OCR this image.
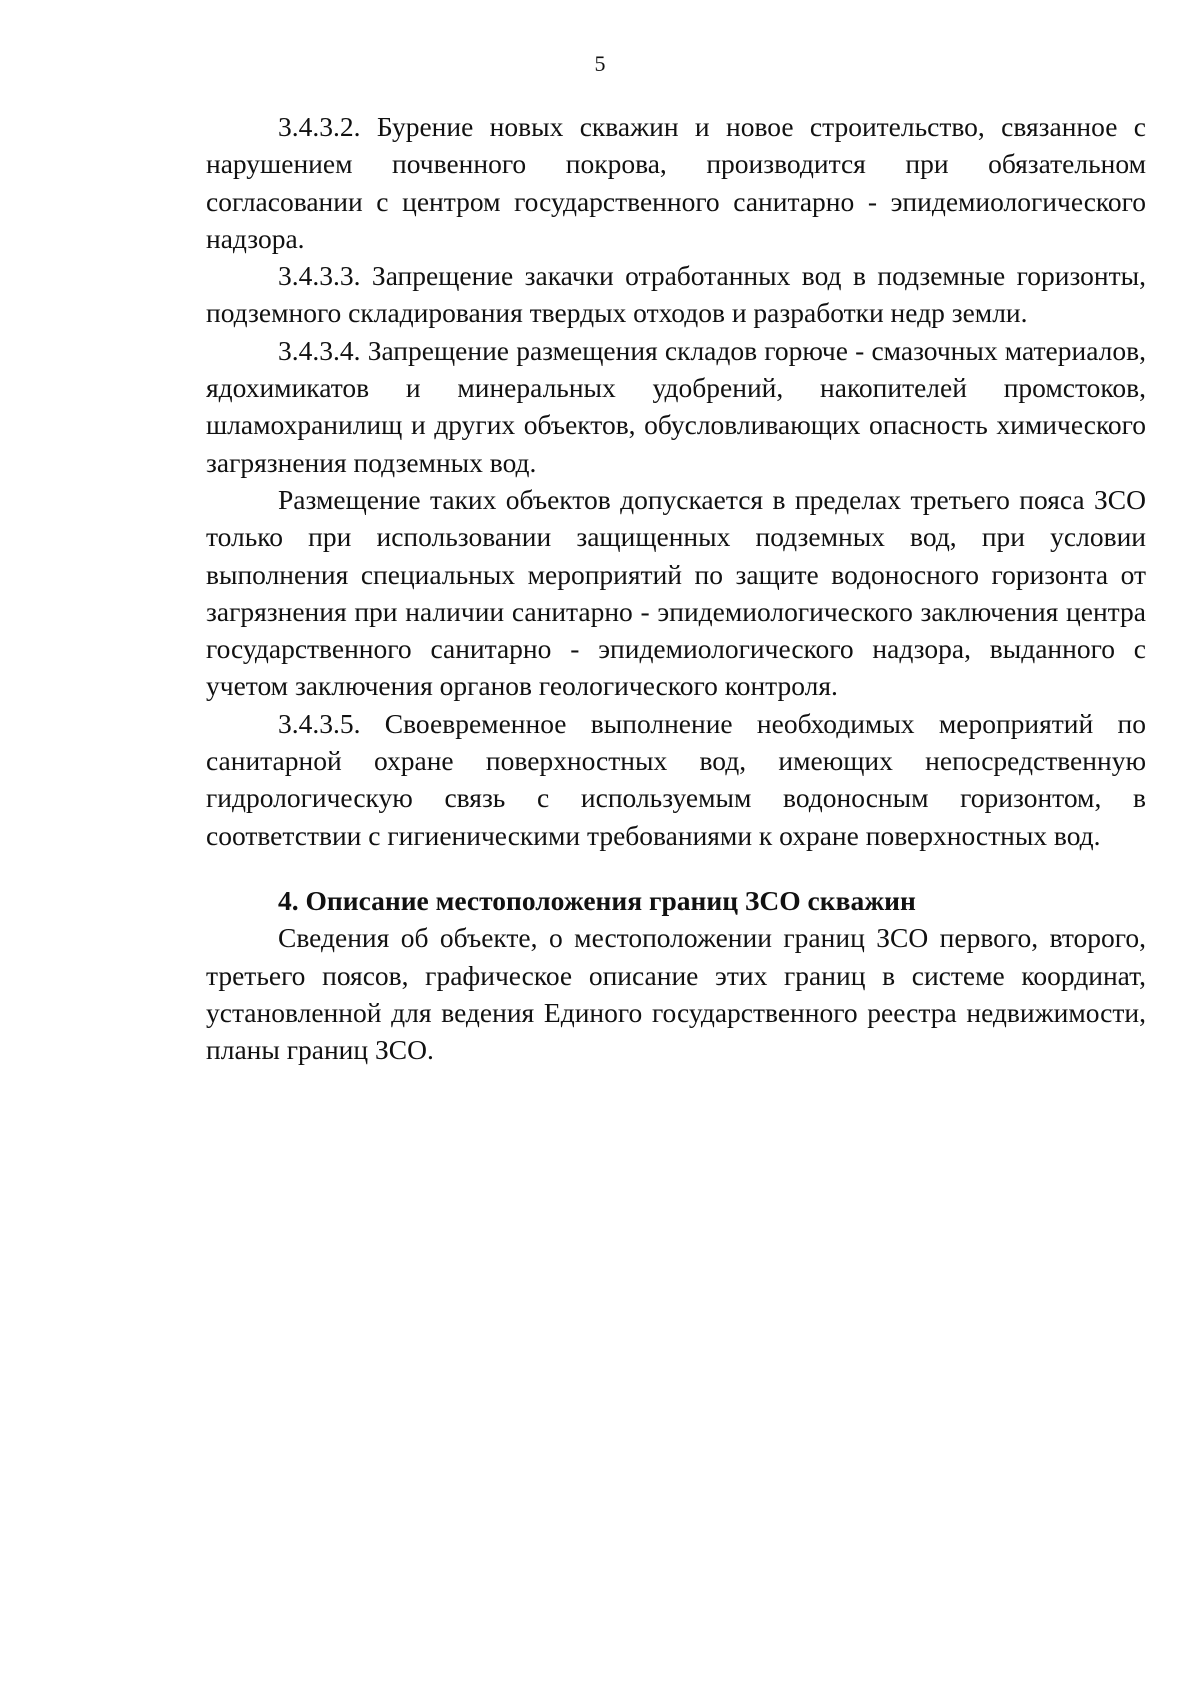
5

3.4.3.2. Бурение новых скважин и новое строительство, связанное с нарушением почвенного покрова, производится при обязательном согласовании с центром государственного санитарно - эпидемиологического надзора.

3.4.3.3. Запрещение закачки отработанных вод в подземные горизонты, подземного складирования твердых отходов и разработки недр земли.

3.4.3.4. Запрещение размещения складов горюче - смазочных материалов, ядохимикатов и минеральных удобрений, накопителей промстоков, шламохранилищ и других объектов, обусловливающих опасность химического загрязнения подземных вод.

Размещение таких объектов допускается в пределах третьего пояса ЗСО только при использовании защищенных подземных вод, при условии выполнения специальных мероприятий по защите водоносного горизонта от загрязнения при наличии санитарно - эпидемиологического заключения центра государственного санитарно - эпидемиологического надзора, выданного с учетом заключения органов геологического контроля.

3.4.3.5. Своевременное выполнение необходимых мероприятий по санитарной охране поверхностных вод, имеющих непосредственную гидрологическую связь с используемым водоносным горизонтом, в соответствии с гигиеническими требованиями к охране поверхностных вод.

4. Описание местоположения границ ЗСО скважин

Сведения об объекте, о местоположении границ ЗСО первого, второго, третьего поясов, графическое описание этих границ в системе координат, установленной для ведения Единого государственного реестра недвижимости, планы границ ЗСО.
